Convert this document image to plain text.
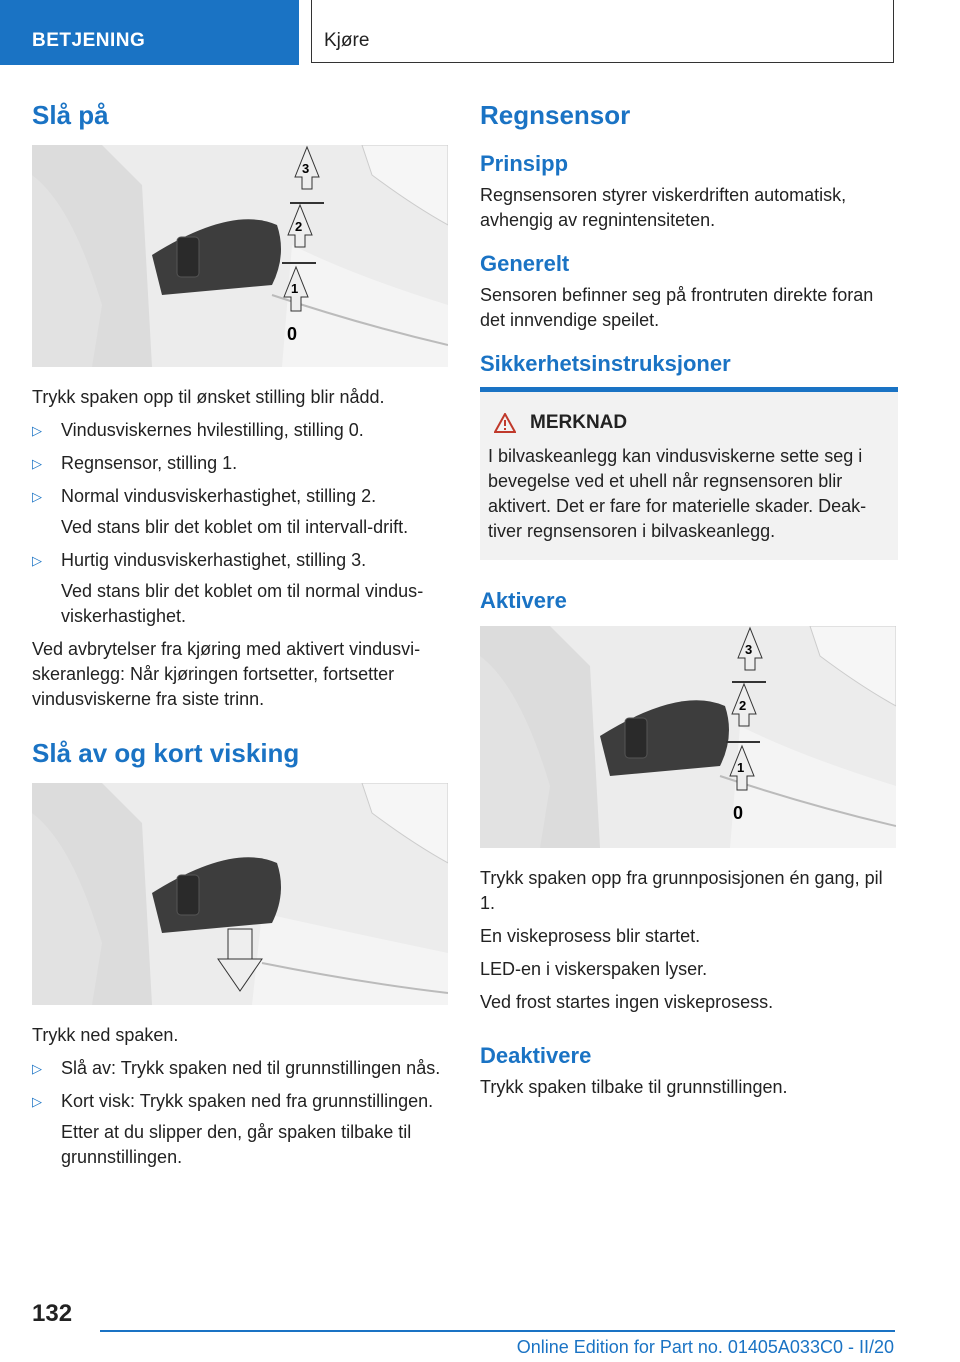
BETJENING	Kjøre
Slå på
3
2
1
0

Trykk spaken opp til ønsket stilling blir nådd.

▷ Vindusviskernes hvilestilling, stilling 0.
▷ Regnsensor, stilling 1.
▷ Normal vindusviskerhastighet, stilling 2.
Ved stans blir det koblet om til intervall-drift.
▷ Hurtig vindusviskerhastighet, stilling 3.
Ved stans blir det koblet om til normal vindusviskerhastighet.

Ved avbrytelser fra kjøring med aktivert vindusviskeranlegg: Når kjøringen fortsetter, fortsetter vindusviskerne fra siste trinn.

Slå av og kort visking

Trykk ned spaken.

▷ Slå av: Trykk spaken ned til grunnstillingen nås.
▷ Kort visk: Trykk spaken ned fra grunnstillingen.
Etter at du slipper den, går spaken tilbake til grunnstillingen.
Regnsensor
Prinsipp

Regnsensoren styrer viskerdriften automatisk, avhengig av regnintensiteten.

Generelt

Sensoren befinner seg på frontruten direkte foran det innvendige speilet.

Sikkerhetsinstruksjoner
MERKNAD

I bilvaskeanlegg kan vindusviskerne sette seg i bevegelse ved et uhell når regnsensoren blir aktivert. Det er fare for materielle skader. Deaktiver regnsensoren i bilvaskeanlegg.

Aktivere
3
2
1
0

Trykk spaken opp fra grunnposisjonen én gang, pil 1.

En viskeprosess blir startet.

LED-en i viskerspaken lyser.

Ved frost startes ingen viskeprosess.

Deaktivere

Trykk spaken tilbake til grunnstillingen.

132
Online Edition for Part no. 01405A033C0 - II/20
